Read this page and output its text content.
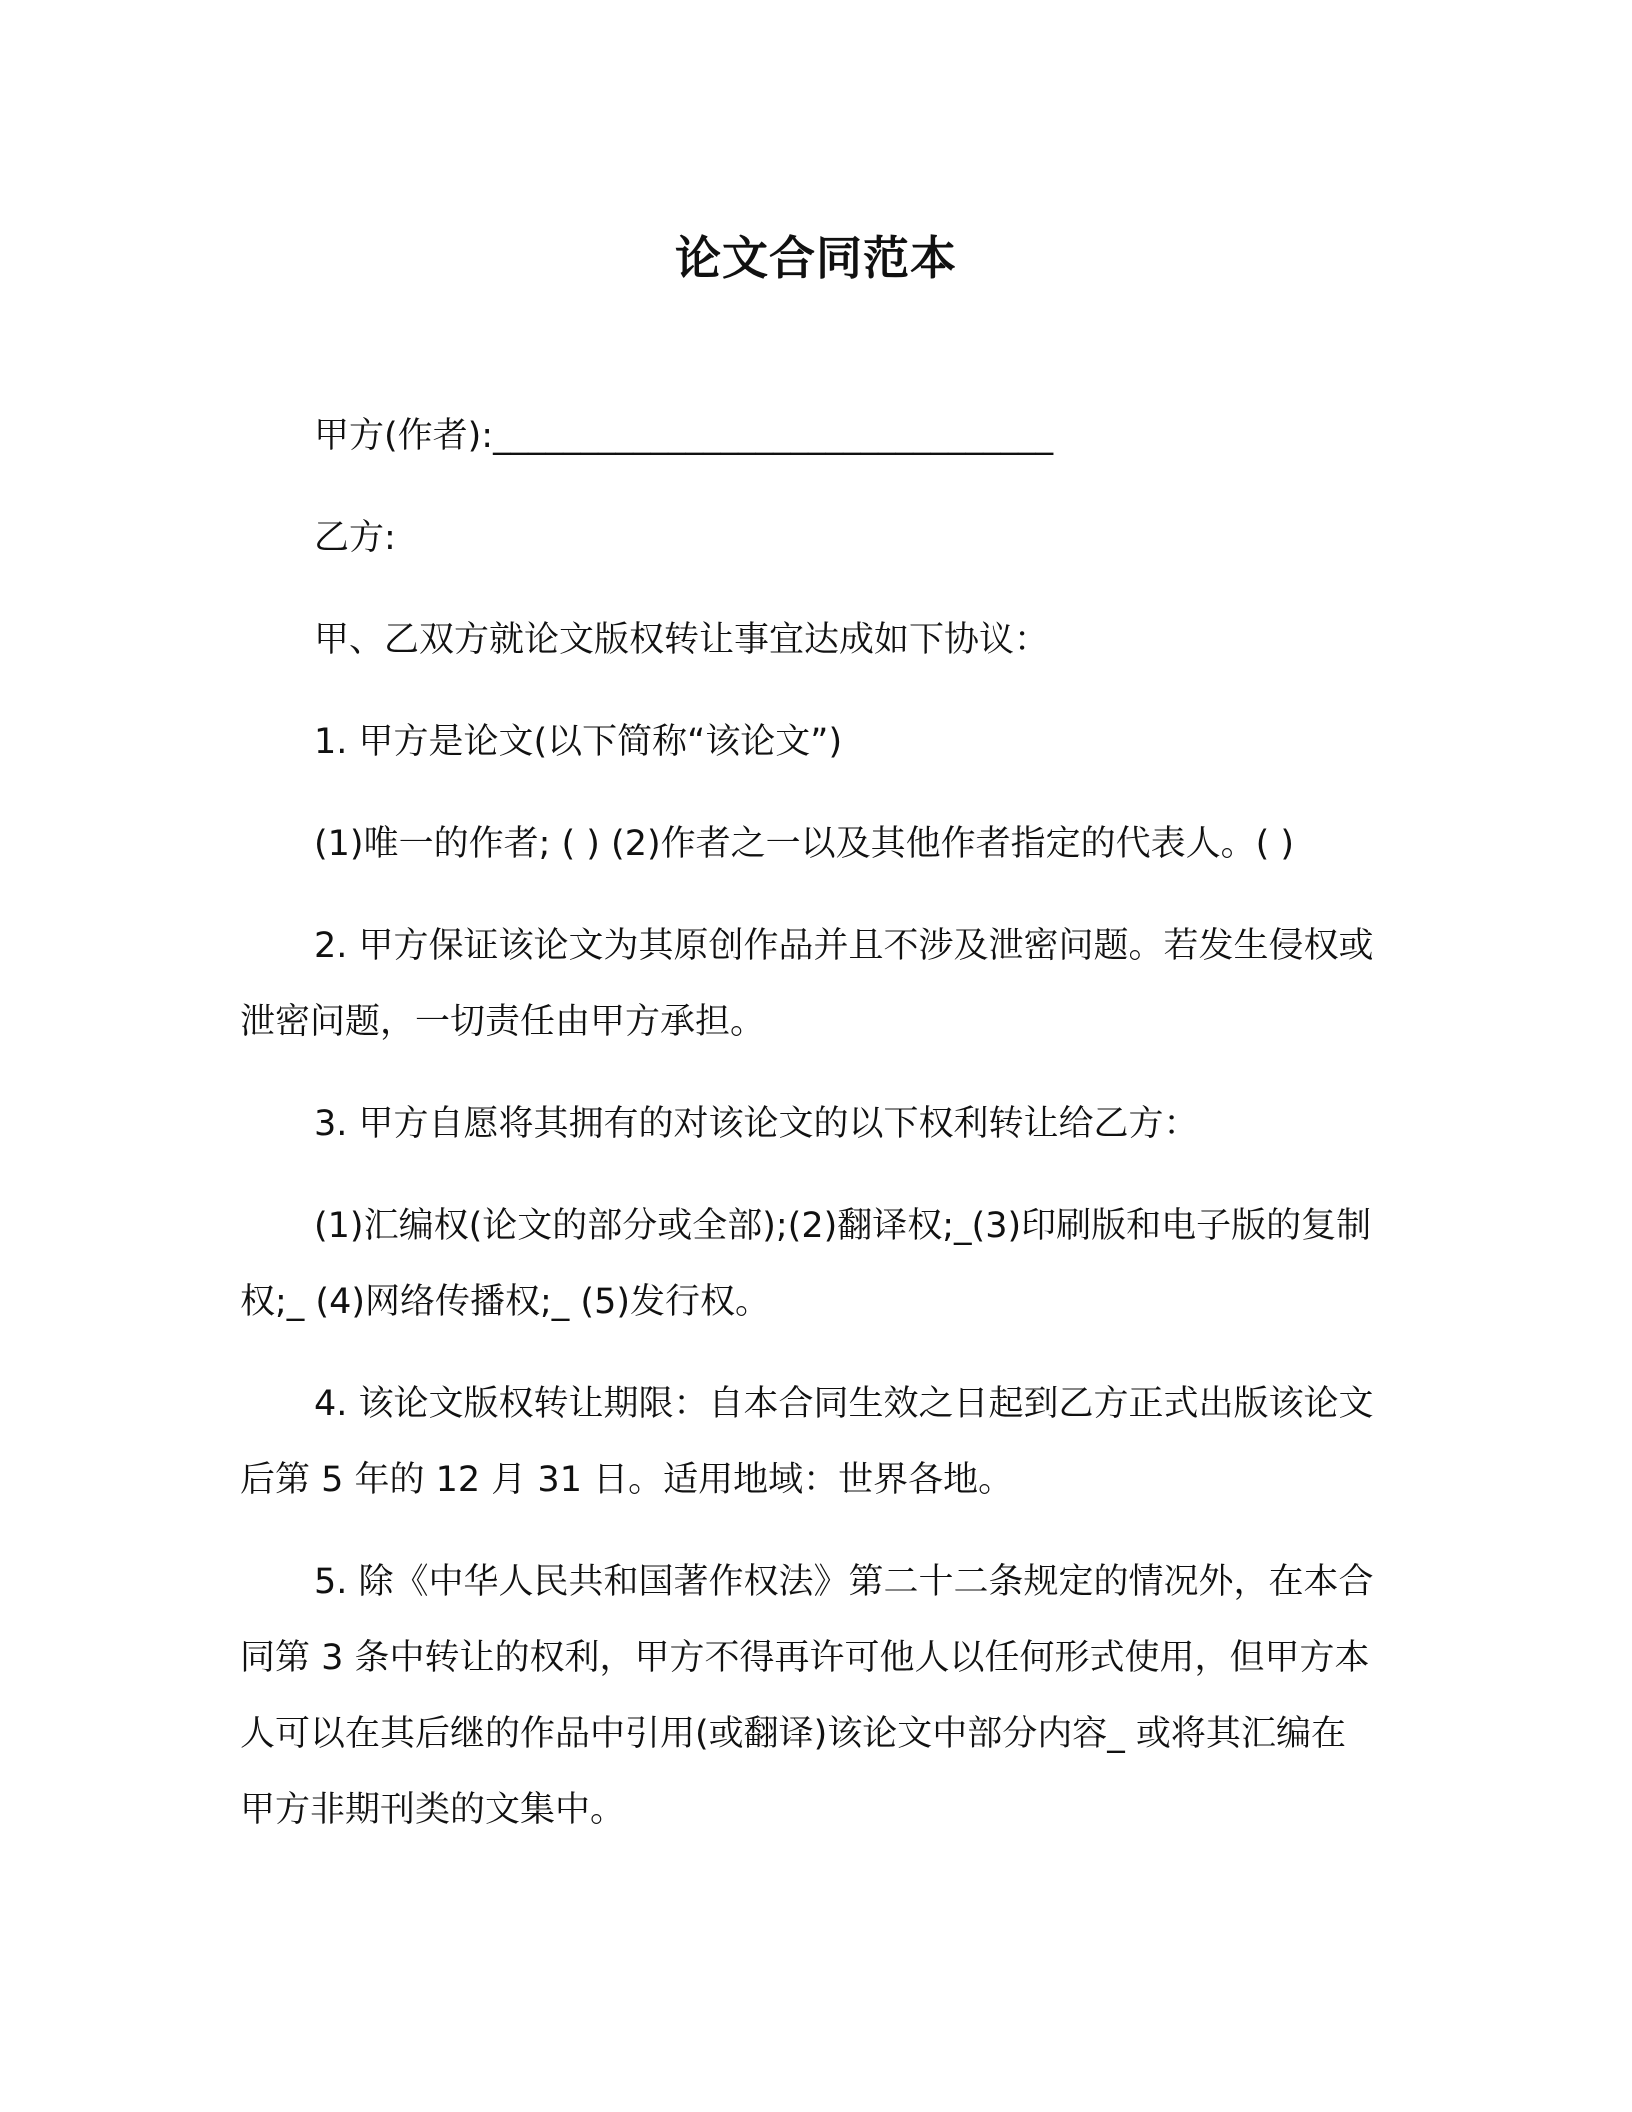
论文合同范本

甲方(作者):________________________________

乙方:

甲、乙双方就论文版权转让事宜达成如下协议：

1. 甲方是论文(以下简称“该论文”)

(1)唯一的作者; ( ) (2)作者之一以及其他作者指定的代表人。( )

2. 甲方保证该论文为其原创作品并且不涉及泄密问题。若发生侵权或泄密问题，一切责任由甲方承担。

3. 甲方自愿将其拥有的对该论文的以下权利转让给乙方：

(1)汇编权(论文的部分或全部);(2)翻译权;_(3)印刷版和电子版的复制权;_ (4)网络传播权;_ (5)发行权。

4. 该论文版权转让期限：自本合同生效之日起到乙方正式出版该论文后第 5 年的 12 月 31 日。适用地域：世界各地。

5. 除《中华人民共和国著作权法》第二十二条规定的情况外，在本合同第 3 条中转让的权利，甲方不得再许可他人以任何形式使用，但甲方本人可以在其后继的作品中引用(或翻译)该论文中部分内容_ 或将其汇编在甲方非期刊类的文集中。
